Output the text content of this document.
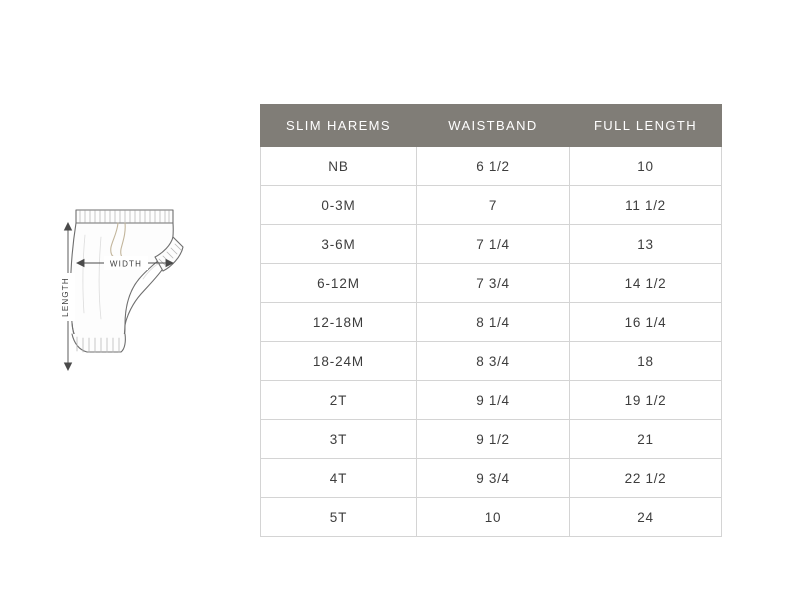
WIDTH
LENGTH
SLIM HAREMS	WAISTBAND	FULL LENGTH
NB	6 1/2	10
0-3M	7	11 1/2
3-6M	7 1/4	13
6-12M	7 3/4	14 1/2
12-18M	8 1/4	16 1/4
18-24M	8 3/4	18
2T	9 1/4	19 1/2
3T	9 1/2	21
4T	9 3/4	22 1/2
5T	10	24
